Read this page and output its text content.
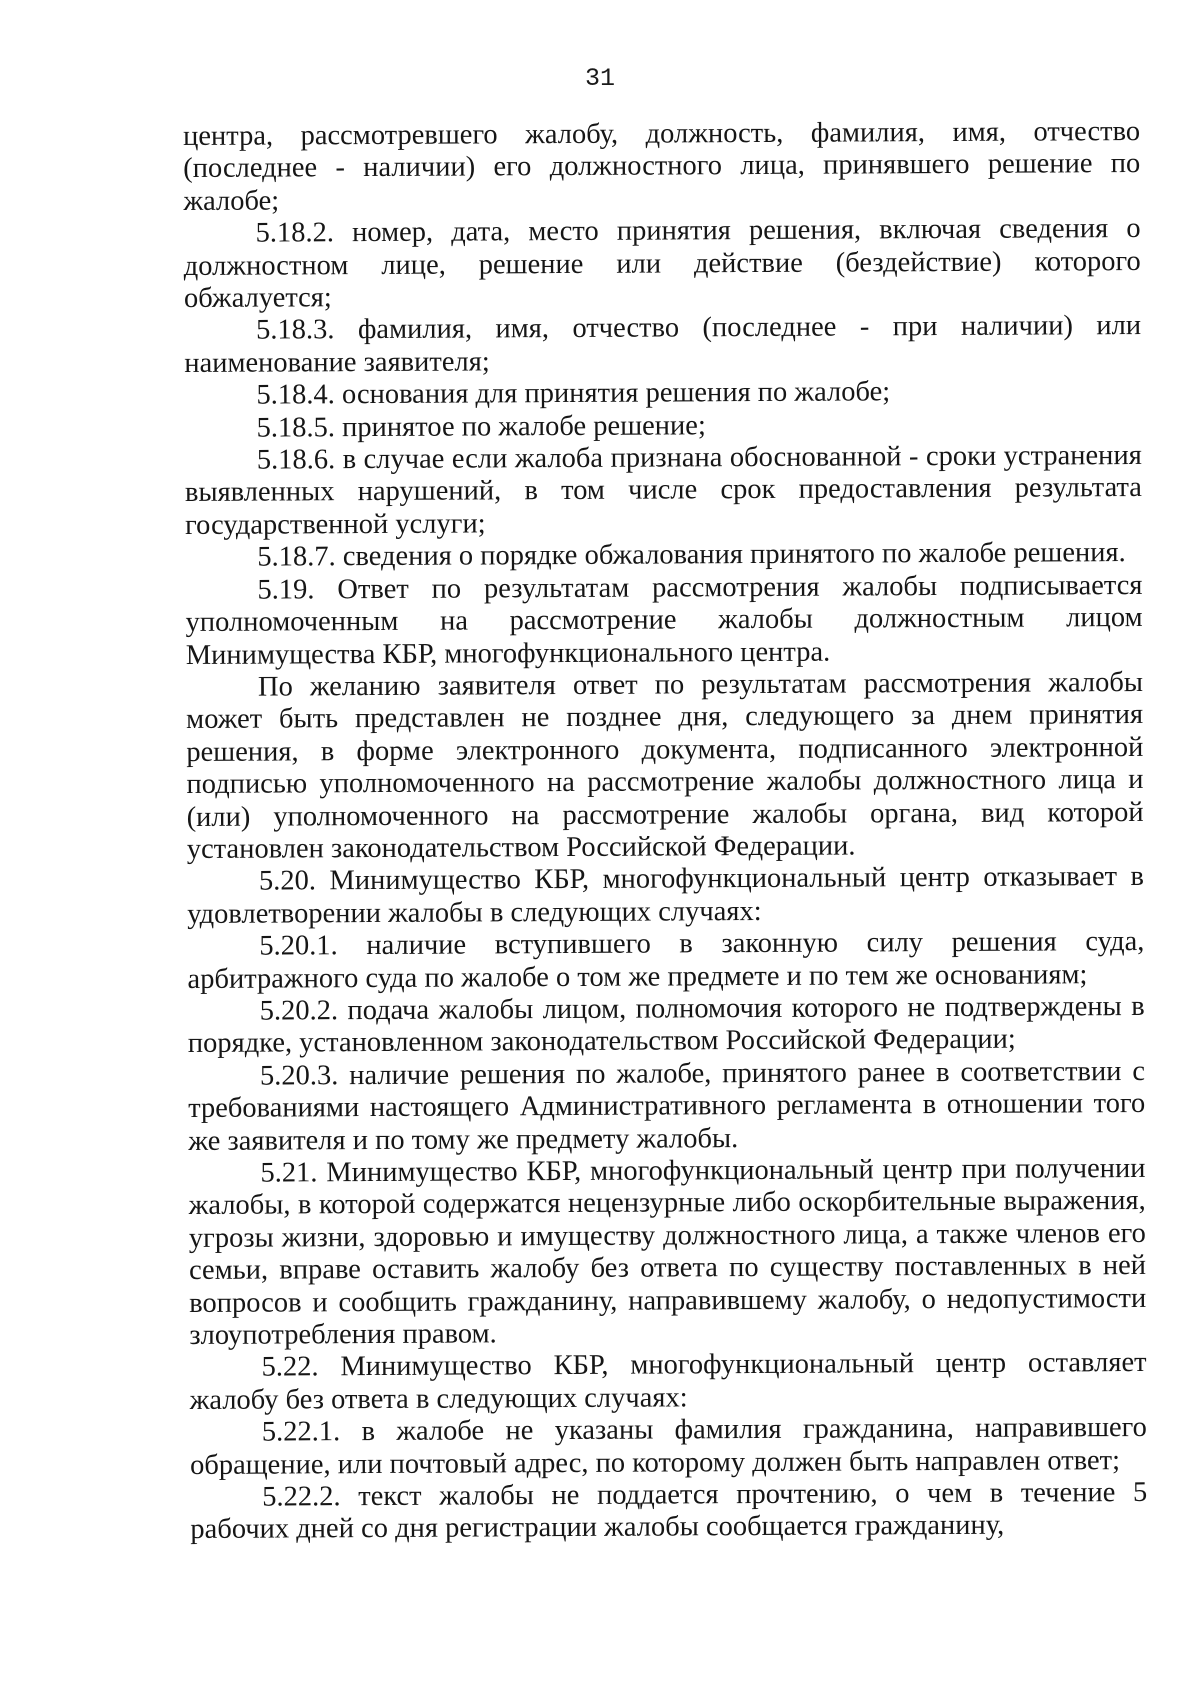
31

центра, рассмотревшего жалобу, должность, фамилия, имя, отчество (последнее - наличии) его должностного лица, принявшего решение по жалобе;

5.18.2. номер, дата, место принятия решения, включая сведения о должностном лице, решение или действие (бездействие) которого обжалуется;

5.18.3. фамилия, имя, отчество (последнее - при наличии) или наименование заявителя;

5.18.4. основания для принятия решения по жалобе;

5.18.5. принятое по жалобе решение;

5.18.6. в случае если жалоба признана обоснованной - сроки устранения выявленных нарушений, в том числе срок предоставления результата государственной услуги;

5.18.7. сведения о порядке обжалования принятого по жалобе решения.

5.19. Ответ по результатам рассмотрения жалобы подписывается уполномоченным на рассмотрение жалобы должностным лицом Минимущества КБР, многофункционального центра.

По желанию заявителя ответ по результатам рассмотрения жалобы может быть представлен не позднее дня, следующего за днем принятия решения, в форме электронного документа, подписанного электронной подписью уполномоченного на рассмотрение жалобы должностного лица и (или) уполномоченного на рассмотрение жалобы органа, вид которой установлен законодательством Российской Федерации.

5.20. Минимущество КБР, многофункциональный центр отказывает в удовлетворении жалобы в следующих случаях:

5.20.1. наличие вступившего в законную силу решения суда, арбитражного суда по жалобе о том же предмете и по тем же основаниям;

5.20.2. подача жалобы лицом, полномочия которого не подтверждены в порядке, установленном законодательством Российской Федерации;

5.20.3. наличие решения по жалобе, принятого ранее в соответствии с требованиями настоящего Административного регламента в отношении того же заявителя и по тому же предмету жалобы.

5.21. Минимущество КБР, многофункциональный центр при получении жалобы, в которой содержатся нецензурные либо оскорбительные выражения, угрозы жизни, здоровью и имуществу должностного лица, а также членов его семьи, вправе оставить жалобу без ответа по существу поставленных в ней вопросов и сообщить гражданину, направившему жалобу, о недопустимости злоупотребления правом.

5.22. Минимущество КБР, многофункциональный центр оставляет жалобу без ответа в следующих случаях:

5.22.1. в жалобе не указаны фамилия гражданина, направившего обращение, или почтовый адрес, по которому должен быть направлен ответ;

5.22.2. текст жалобы не поддается прочтению, о чем в течение 5 рабочих дней со дня регистрации жалобы сообщается гражданину,
